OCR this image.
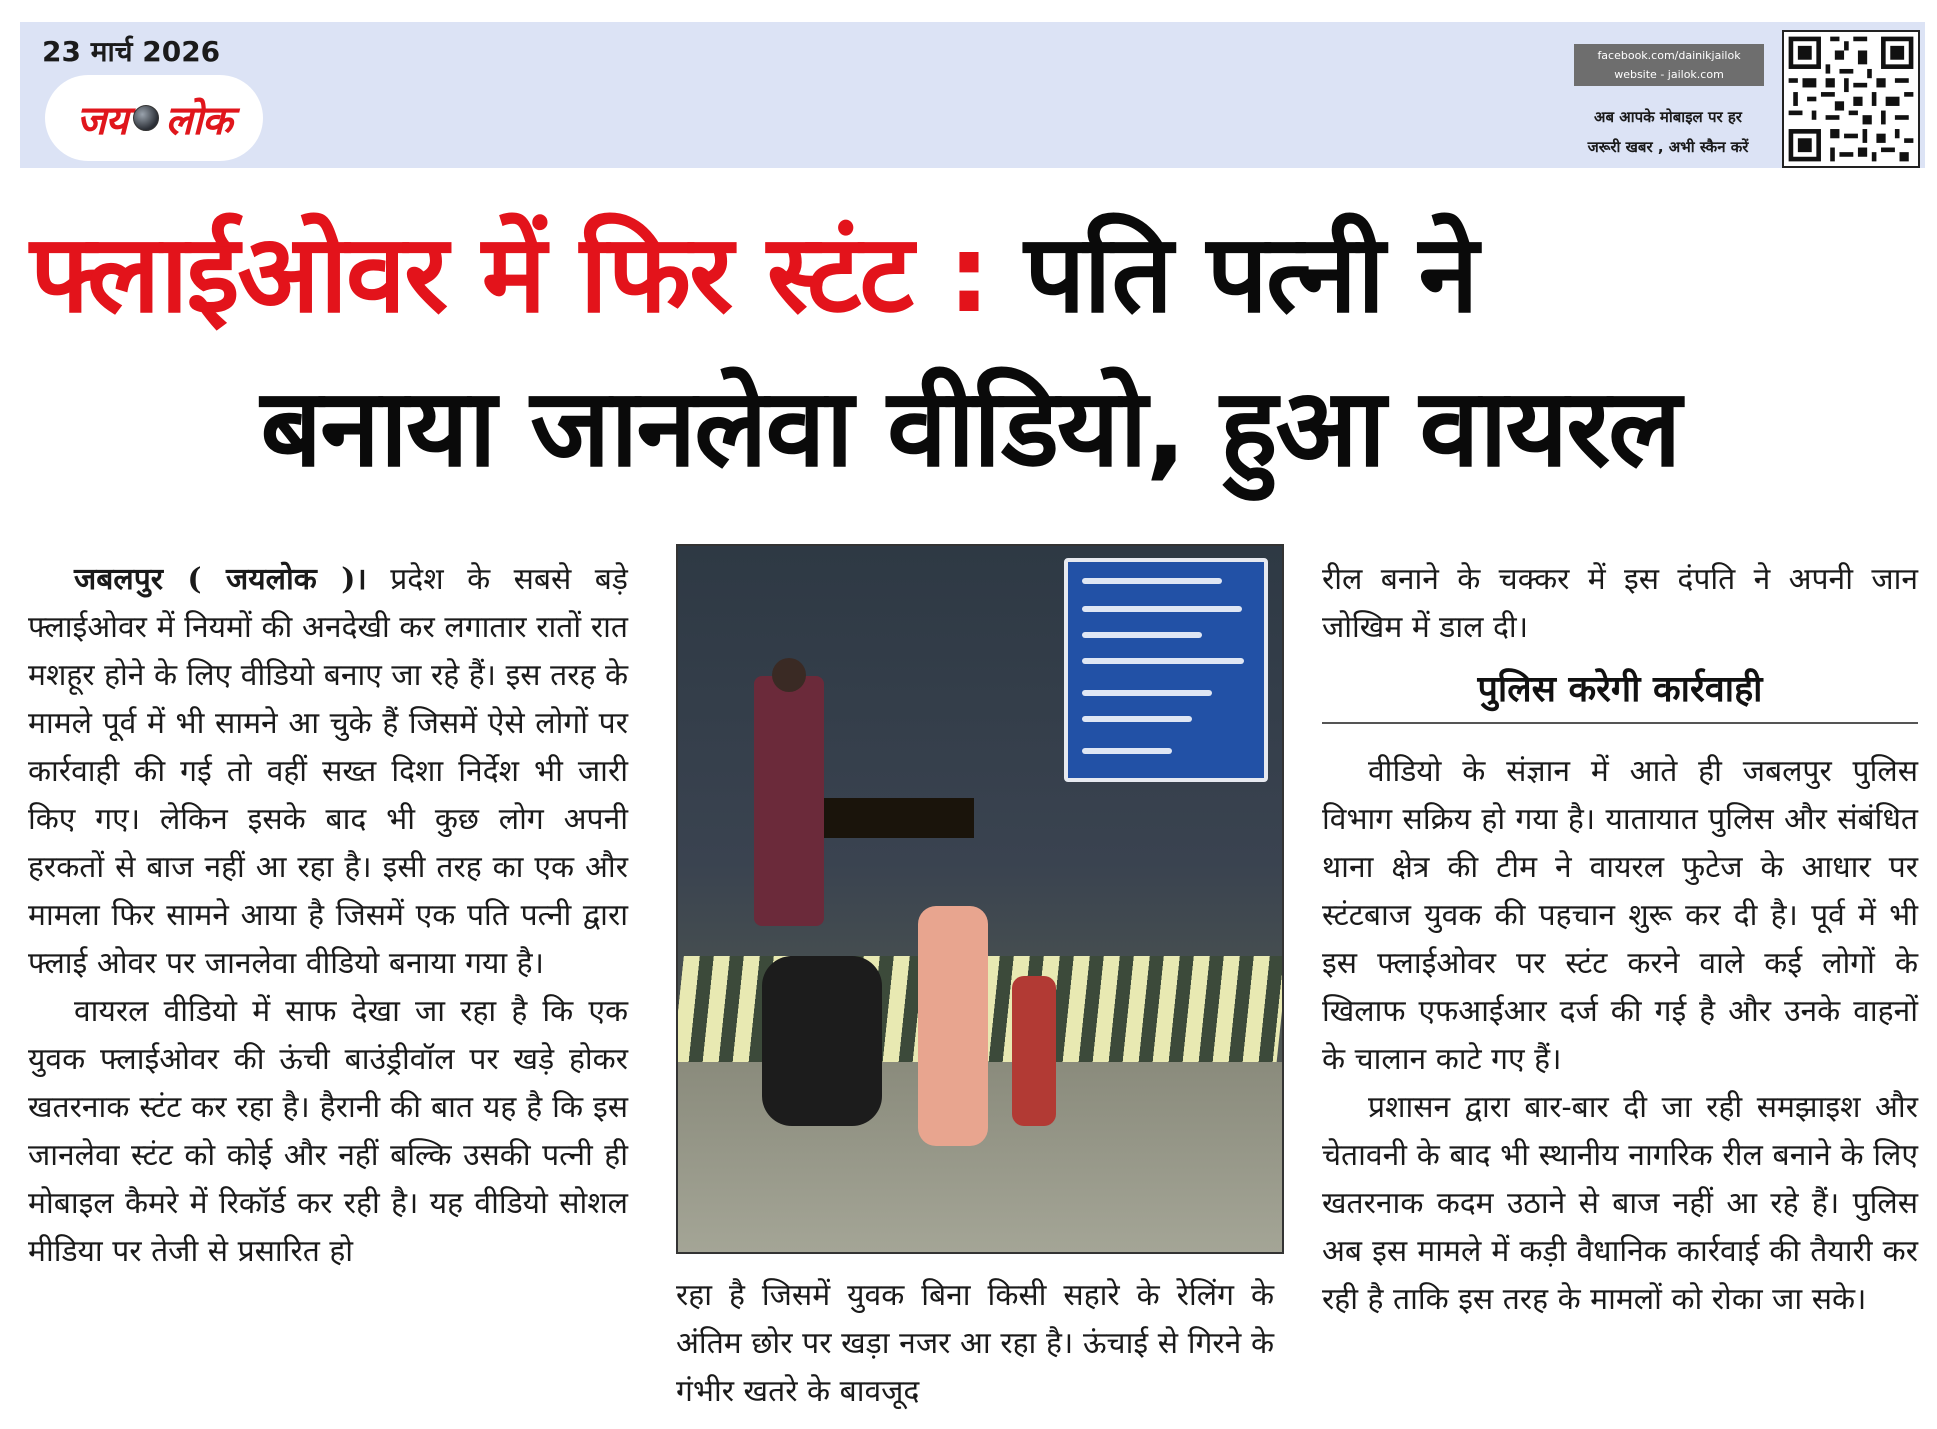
23 मार्च 2026
जय लोक
facebook.com/dainikjailok
website - jailok.com
अब आपके मोबाइल पर हर
जरूरी खबर , अभी स्कैन करें
फ्लाईओवर में फिर स्टंट : पति पत्नी ने
बनाया जानलेवा वीडियो, हुआ वायरल

जबलपुर ( जयलोक )। प्रदेश के सबसे बड़े फ्लाईओवर में नियमों की अनदेखी कर लगातार रातों रात मशहूर होने के लिए वीडियो बनाए जा रहे हैं। इस तरह के मामले पूर्व में भी सामने आ चुके हैं जिसमें ऐसे लोगों पर कार्रवाही की गई तो वहीं सख्त दिशा निर्देश भी जारी किए गए। लेकिन इसके बाद भी कुछ लोग अपनी हरकतों से बाज नहीं आ रहा है। इसी तरह का एक और मामला फिर सामने आया है जिसमें एक पति पत्नी द्वारा फ्लाई ओवर पर जानलेवा वीडियो बनाया गया है।

वायरल वीडियो में साफ देखा जा रहा है कि एक युवक फ्लाईओवर की ऊंची बाउंड्रीवॉल पर खड़े होकर खतरनाक स्टंट कर रहा है। हैरानी की बात यह है कि इस जानलेवा स्टंट को कोई और नहीं बल्कि उसकी पत्नी ही मोबाइल कैमरे में रिकॉर्ड कर रही है। यह वीडियो सोशल मीडिया पर तेजी से प्रसारित हो

रहा है जिसमें युवक बिना किसी सहारे के रेलिंग के अंतिम छोर पर खड़ा नजर आ रहा है। ऊंचाई से गिरने के गंभीर खतरे के बावजूद

रील बनाने के चक्कर में इस दंपति ने अपनी जान जोखिम में डाल दी।

पुलिस करेगी कार्रवाही

वीडियो के संज्ञान में आते ही जबलपुर पुलिस विभाग सक्रिय हो गया है। यातायात पुलिस और संबंधित थाना क्षेत्र की टीम ने वायरल फुटेज के आधार पर स्टंटबाज युवक की पहचान शुरू कर दी है। पूर्व में भी इस फ्लाईओवर पर स्टंट करने वाले कई लोगों के खिलाफ एफआईआर दर्ज की गई है और उनके वाहनों के चालान काटे गए हैं।

प्रशासन द्वारा बार-बार दी जा रही समझाइश और चेतावनी के बाद भी स्थानीय नागरिक रील बनाने के लिए खतरनाक कदम उठाने से बाज नहीं आ रहे हैं। पुलिस अब इस मामले में कड़ी वैधानिक कार्रवाई की तैयारी कर रही है ताकि इस तरह के मामलों को रोका जा सके।
